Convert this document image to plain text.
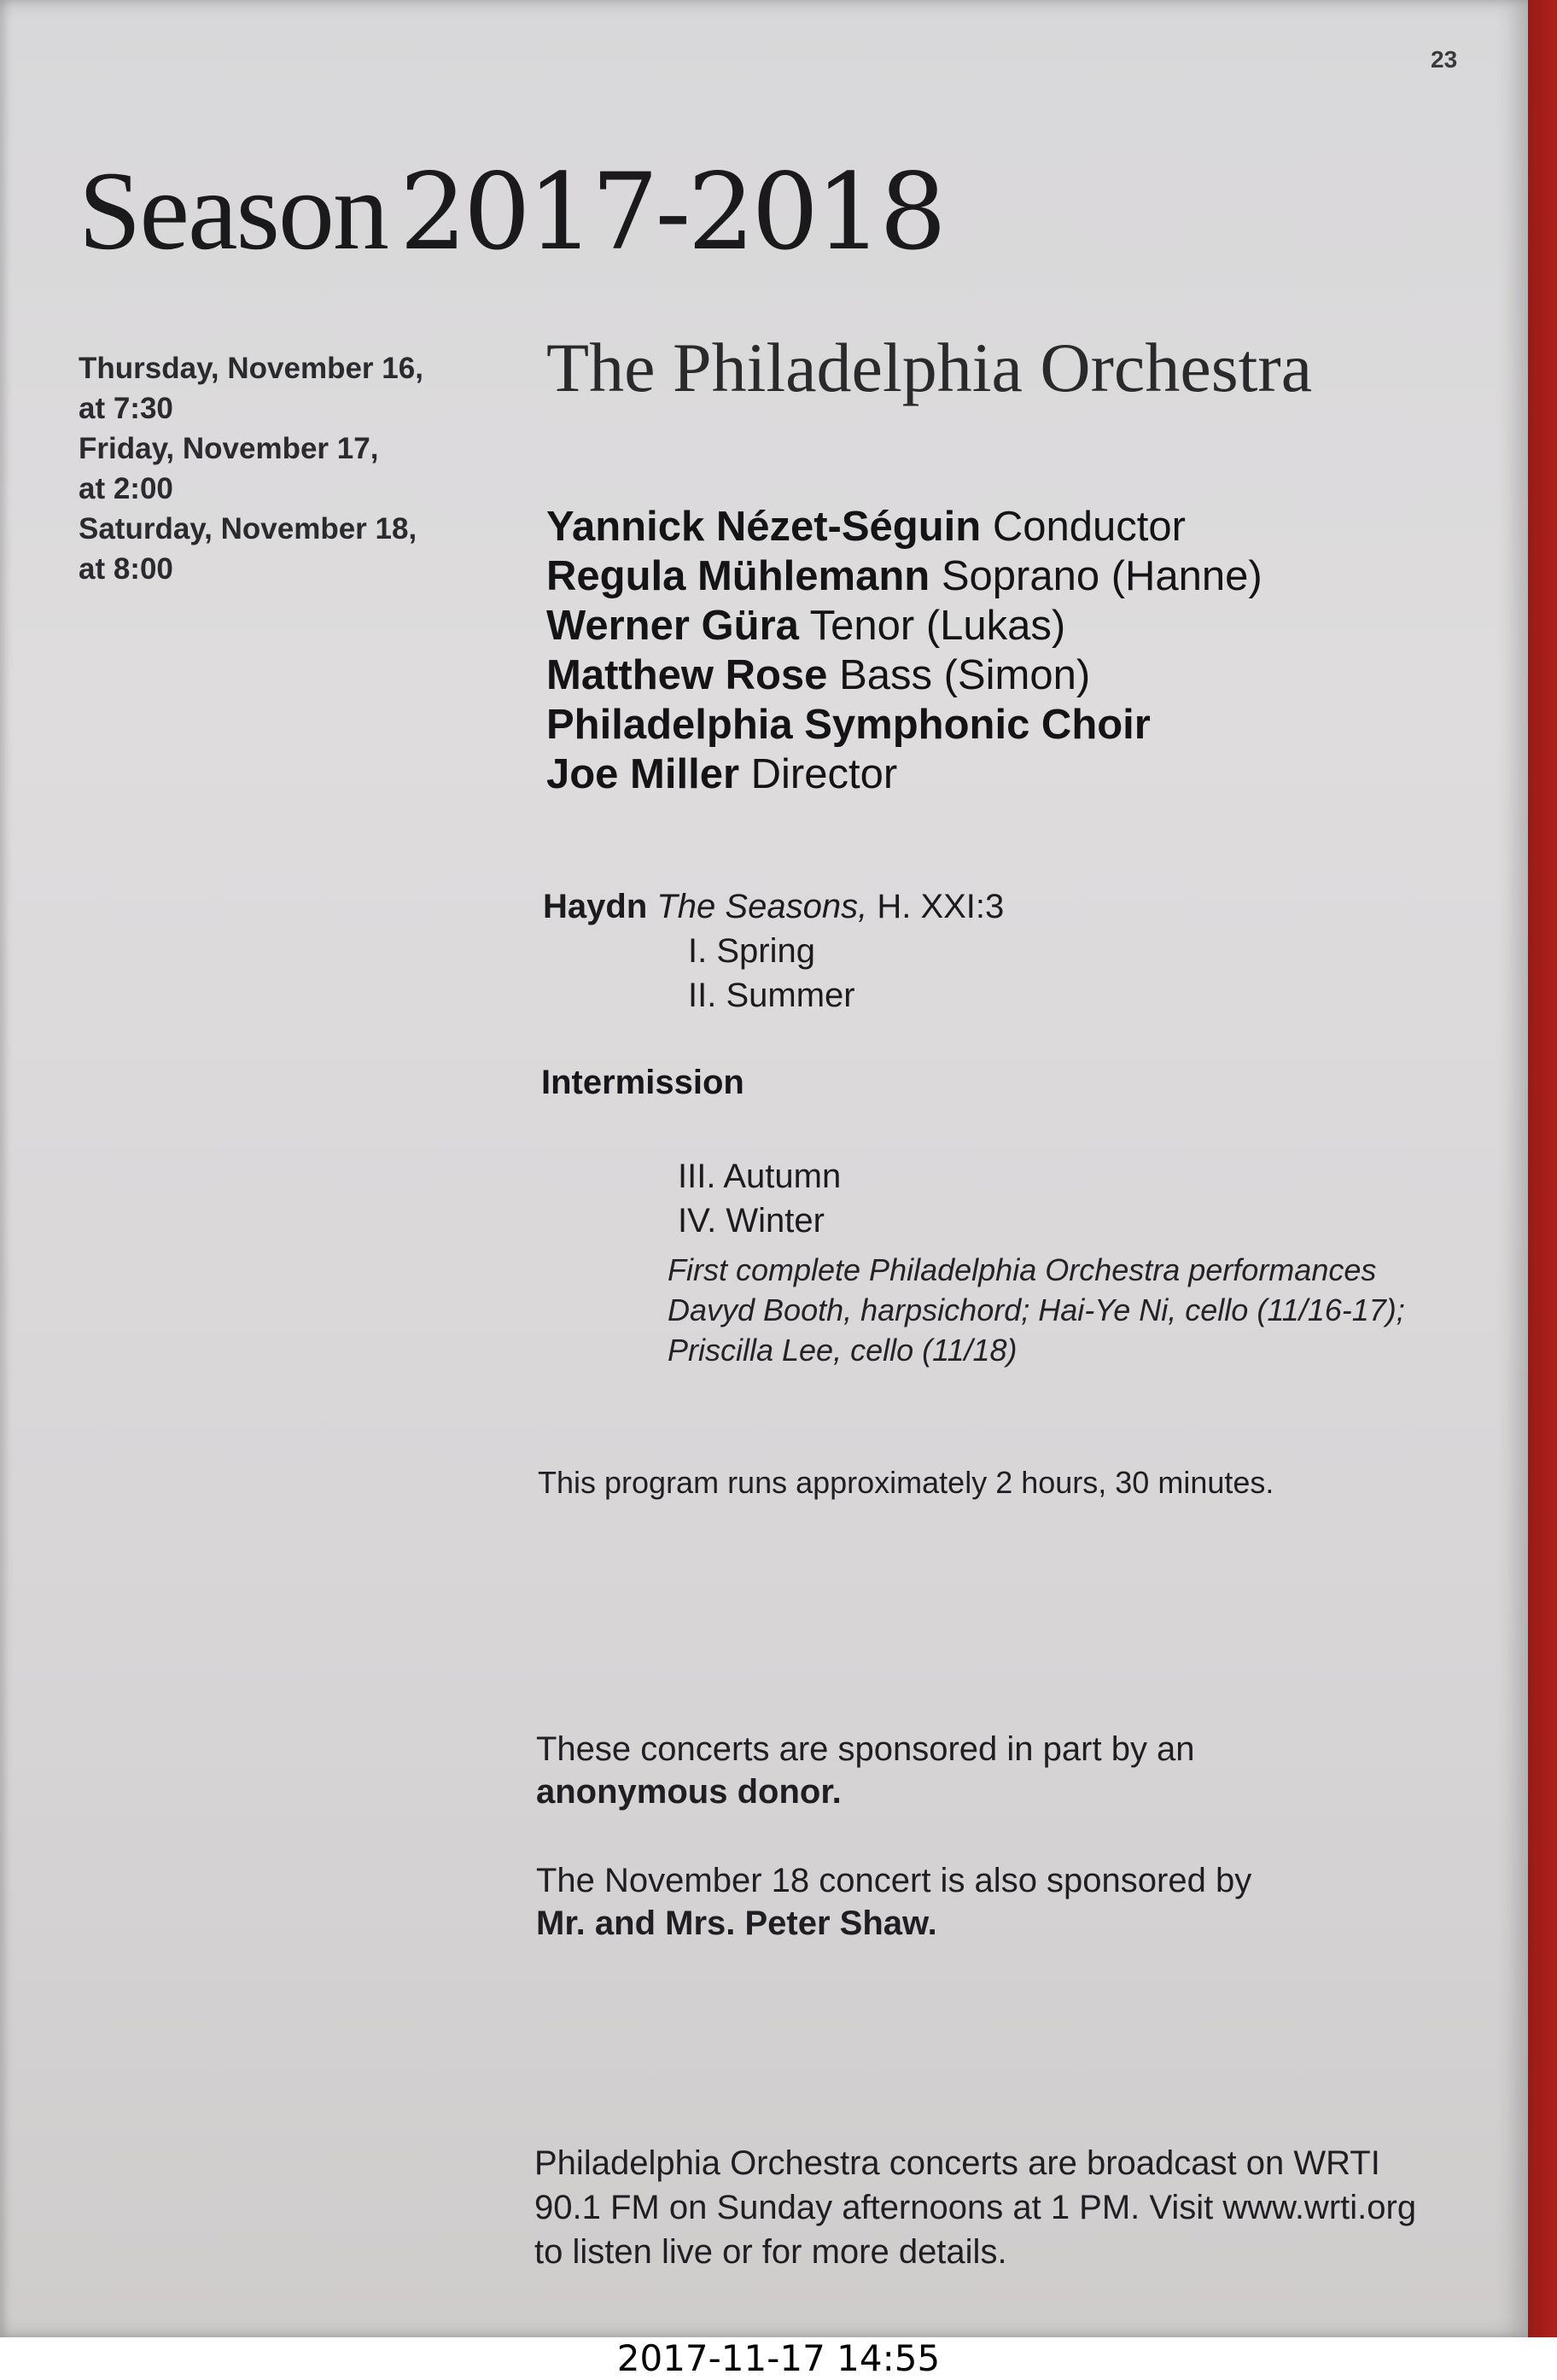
23
Season 2017-2018
Thursday, November 16,
at 7:30
Friday, November 17,
at 2:00
Saturday, November 18,
at 8:00
The Philadelphia Orchestra
Yannick Nézet-Séguin Conductor
Regula Mühlemann Soprano (Hanne)
Werner Güra Tenor (Lukas)
Matthew Rose Bass (Simon)
Philadelphia Symphonic Choir
Joe Miller Director
Haydn The Seasons, H. XXI:3
I. Spring
II. Summer
Intermission
III. Autumn
IV. Winter
First complete Philadelphia Orchestra performances
Davyd Booth, harpsichord; Hai-Ye Ni, cello (11/16-17);
Priscilla Lee, cello (11/18)
This program runs approximately 2 hours, 30 minutes.
These concerts are sponsored in part by an
anonymous donor.
The November 18 concert is also sponsored by
Mr. and Mrs. Peter Shaw.
Philadelphia Orchestra concerts are broadcast on WRTI
90.1 FM on Sunday afternoons at 1 PM. Visit www.wrti.org
to listen live or for more details.
2017-11-17 14:55
